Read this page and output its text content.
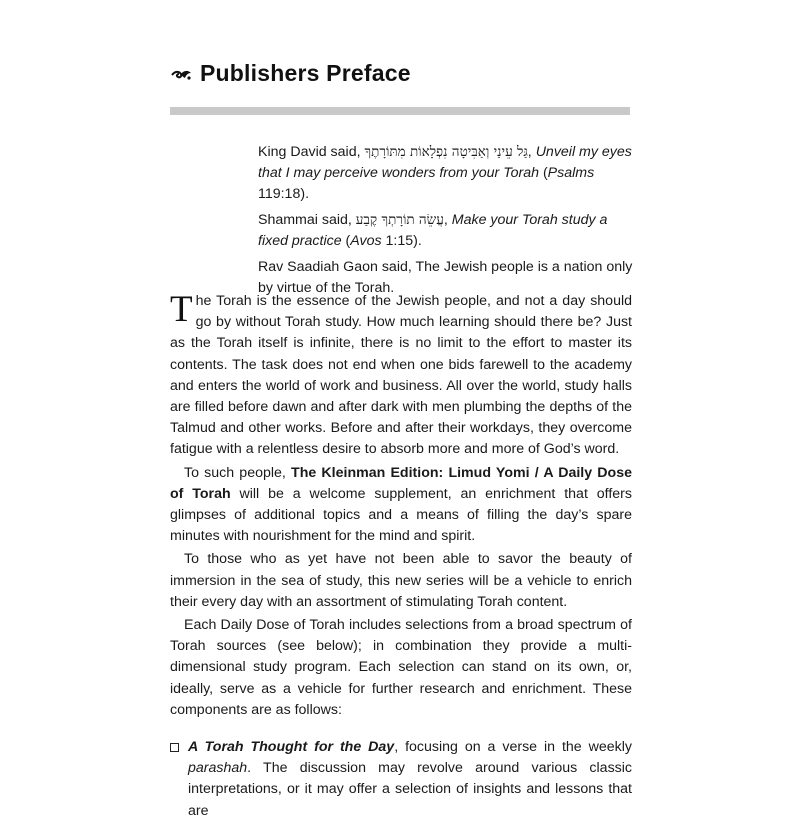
Publishers Preface

King David said, גַּל עֵינַי וְאַבִּיטָה נִפְלָאוֹת מִתּוֹרָתֶךָ, Unveil my eyes that I may perceive wonders from your Torah (Psalms 119:18).

Shammai said, עֲשֵׂה תוֹרָתְךָ קֶבַע, Make your Torah study a fixed practice (Avos 1:15).

Rav Saadiah Gaon said, The Jewish people is a nation only by virtue of the Torah.

The Torah is the essence of the Jewish people, and not a day should go by without Torah study. How much learning should there be? Just as the Torah itself is infinite, there is no limit to the effort to master its contents. The task does not end when one bids farewell to the academy and enters the world of work and business. All over the world, study halls are filled before dawn and after dark with men plumbing the depths of the Talmud and other works. Before and after their workdays, they overcome fatigue with a relentless desire to absorb more and more of God’s word.

To such people, The Kleinman Edition: Limud Yomi / A Daily Dose of Torah will be a welcome supplement, an enrichment that offers glimpses of additional topics and a means of filling the day’s spare minutes with nourishment for the mind and spirit.

To those who as yet have not been able to savor the beauty of immersion in the sea of study, this new series will be a vehicle to enrich their every day with an assortment of stimulating Torah content.

Each Daily Dose of Torah includes selections from a broad spectrum of Torah sources (see below); in combination they provide a multi-dimensional study program. Each selection can stand on its own, or, ideally, serve as a vehicle for further research and enrichment. These components are as follows:

A Torah Thought for the Day, focusing on a verse in the weekly parashah. The discussion may revolve around various classic interpretations, or it may offer a selection of insights and lessons that are
